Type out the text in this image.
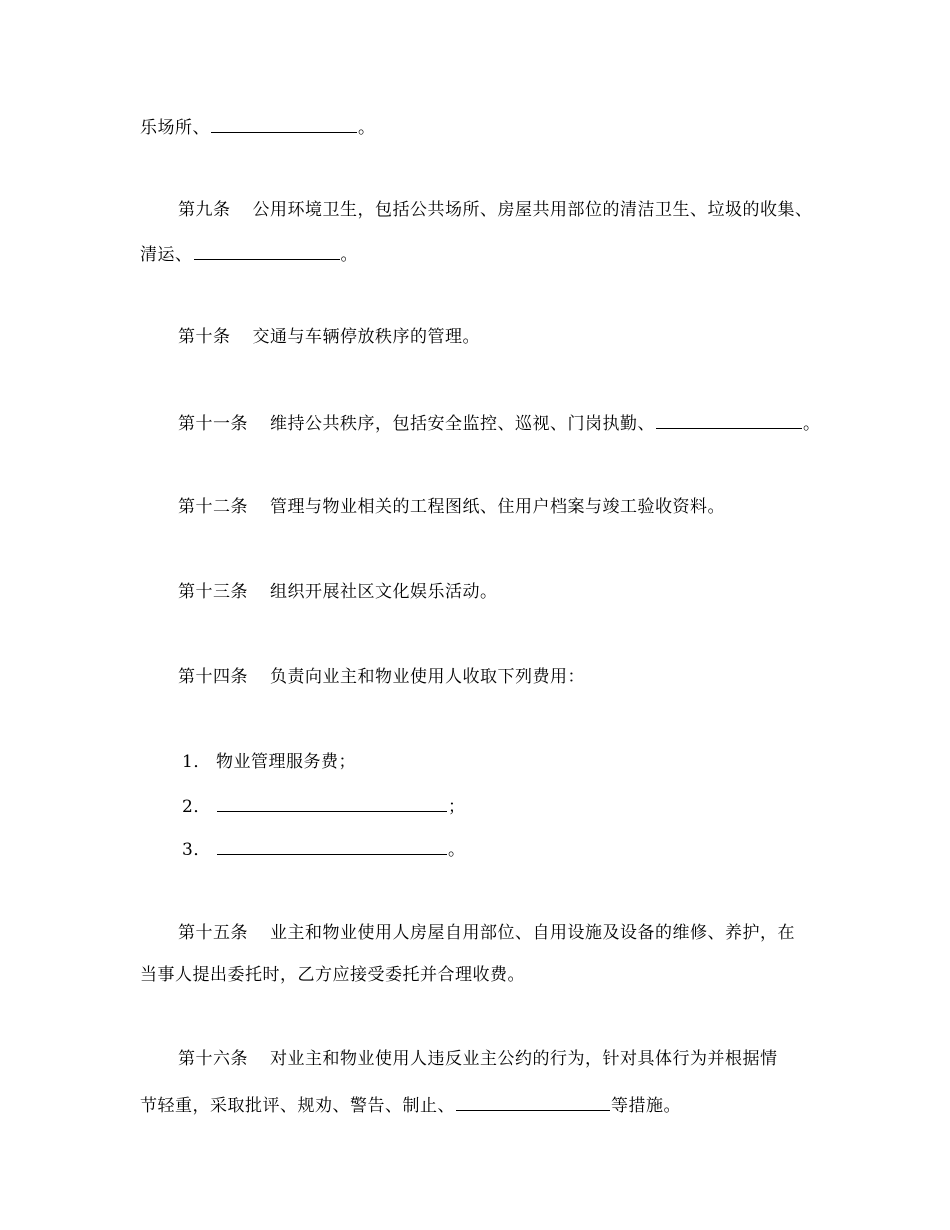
乐场所、	。
第九条 公用环境卫生，包括公共场所、房屋共用部位的清洁卫生、垃圾的收集、
清运、	。
第十条 交通与车辆停放秩序的管理。
第十一条 维持公共秩序，包括安全监控、巡视、门岗执勤、	。
第十二条 管理与物业相关的工程图纸、住用户档案与竣工验收资料。
第十三条 组织开展社区文化娱乐活动。
第十四条 负责向业主和物业使用人收取下列费用：
1． 物业管理服务费；
2．	；
3．	。
第十五条 业主和物业使用人房屋自用部位、自用设施及设备的维修、养护，在
当事人提出委托时，乙方应接受委托并合理收费。
第十六条 对业主和物业使用人违反业主公约的行为，针对具体行为并根据情
节轻重，采取批评、规劝、警告、制止、	等措施。
